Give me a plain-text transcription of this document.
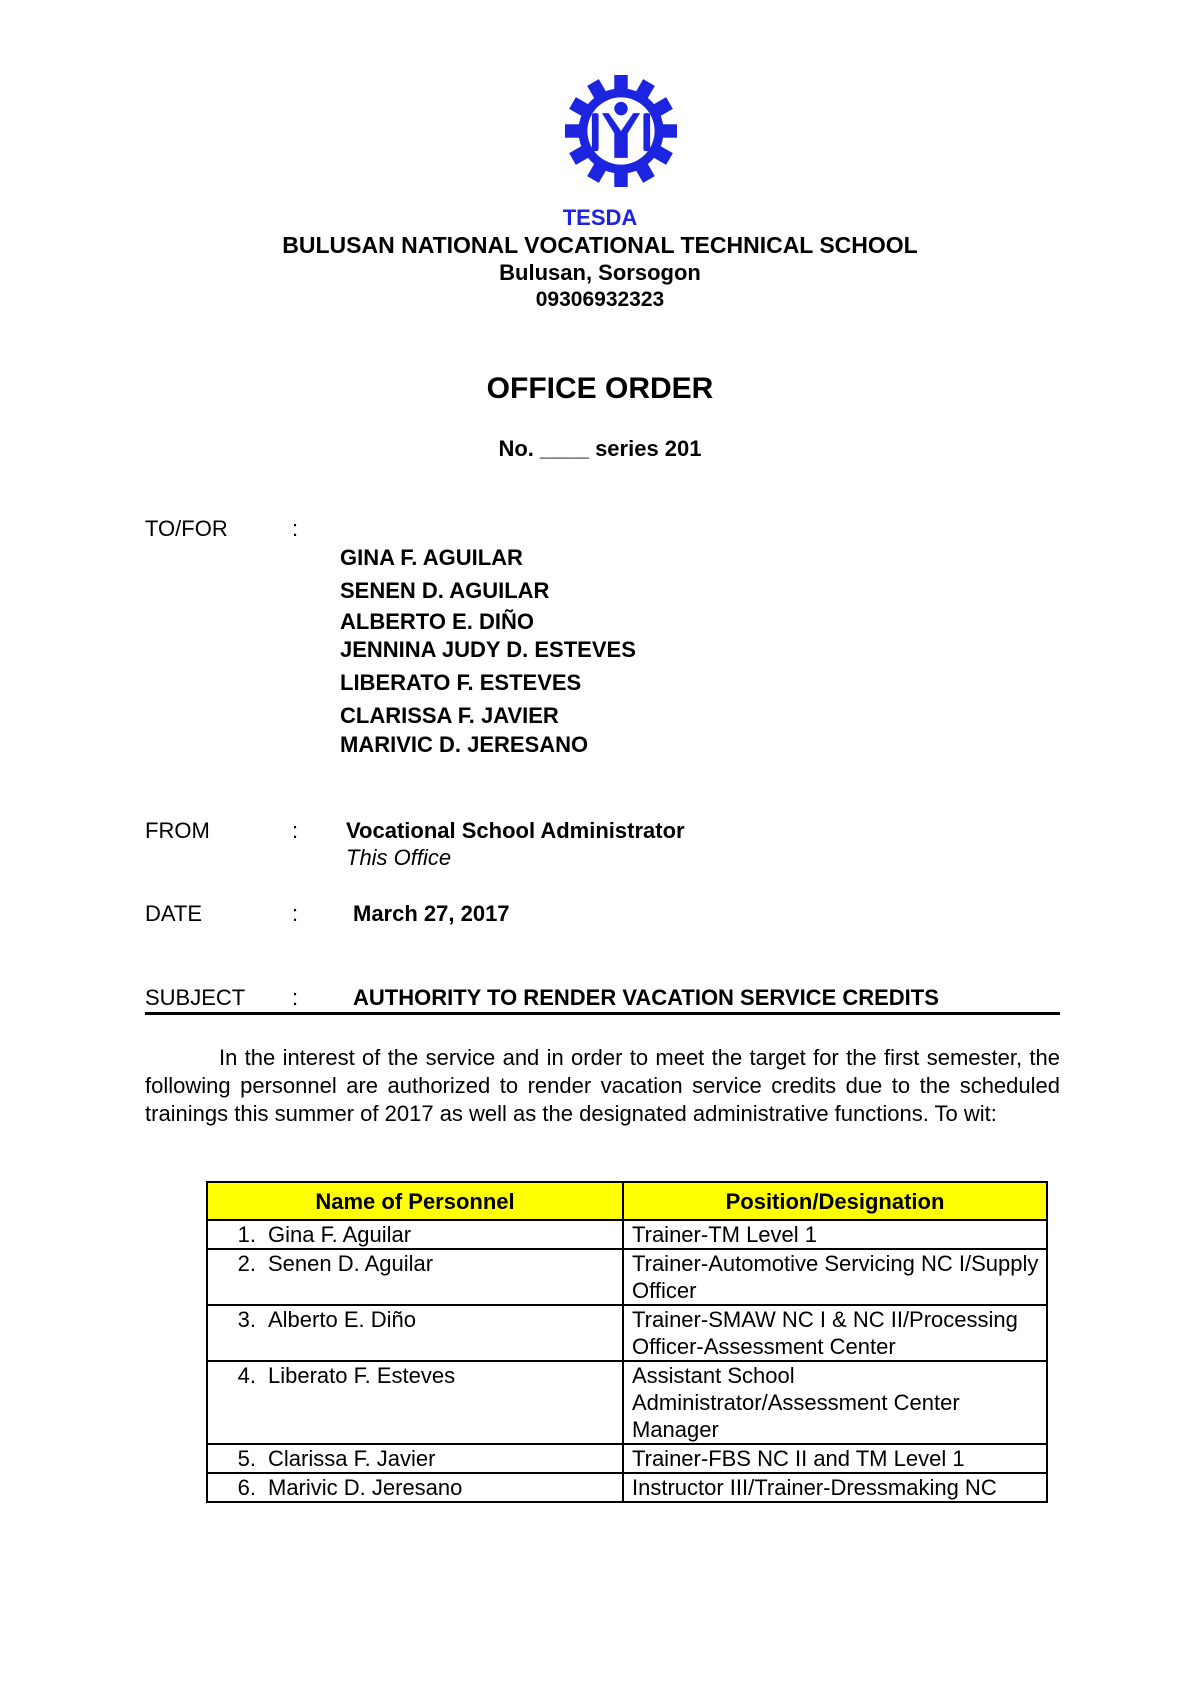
TESDA
BULUSAN NATIONAL VOCATIONAL TECHNICAL SCHOOL
Bulusan, Sorsogon
09306932323
OFFICE ORDER
No. ____ series 201
TO/FOR	:
GINA F. AGUILAR
SENEN D. AGUILAR
ALBERTO E. DIÑO
JENNINA JUDY D. ESTEVES
LIBERATO F. ESTEVES
CLARISSA F. JAVIER
MARIVIC D. JERESANO
FROM	: Vocational School Administrator
This Office
DATE	: March 27, 2017
SUBJECT : AUTHORITY TO RENDER VACATION SERVICE CREDITS
In the interest of the service and in order to meet the target for the first semester, the following personnel are authorized to render vacation service credits due to the scheduled trainings this summer of 2017 as well as the designated administrative functions. To wit:
Name of Personnel	Position/Designation
1. Gina F. Aguilar	Trainer-TM Level 1
2. Senen D. Aguilar	Trainer-Automotive Servicing NC I/Supply Officer
3. Alberto E. Diño	Trainer-SMAW NC I & NC II/Processing Officer-Assessment Center
4. Liberato F. Esteves	Assistant School Administrator/Assessment Center Manager
5. Clarissa F. Javier	Trainer-FBS NC II and TM Level 1
6. Marivic D. Jeresano	Instructor III/Trainer-Dressmaking NC
